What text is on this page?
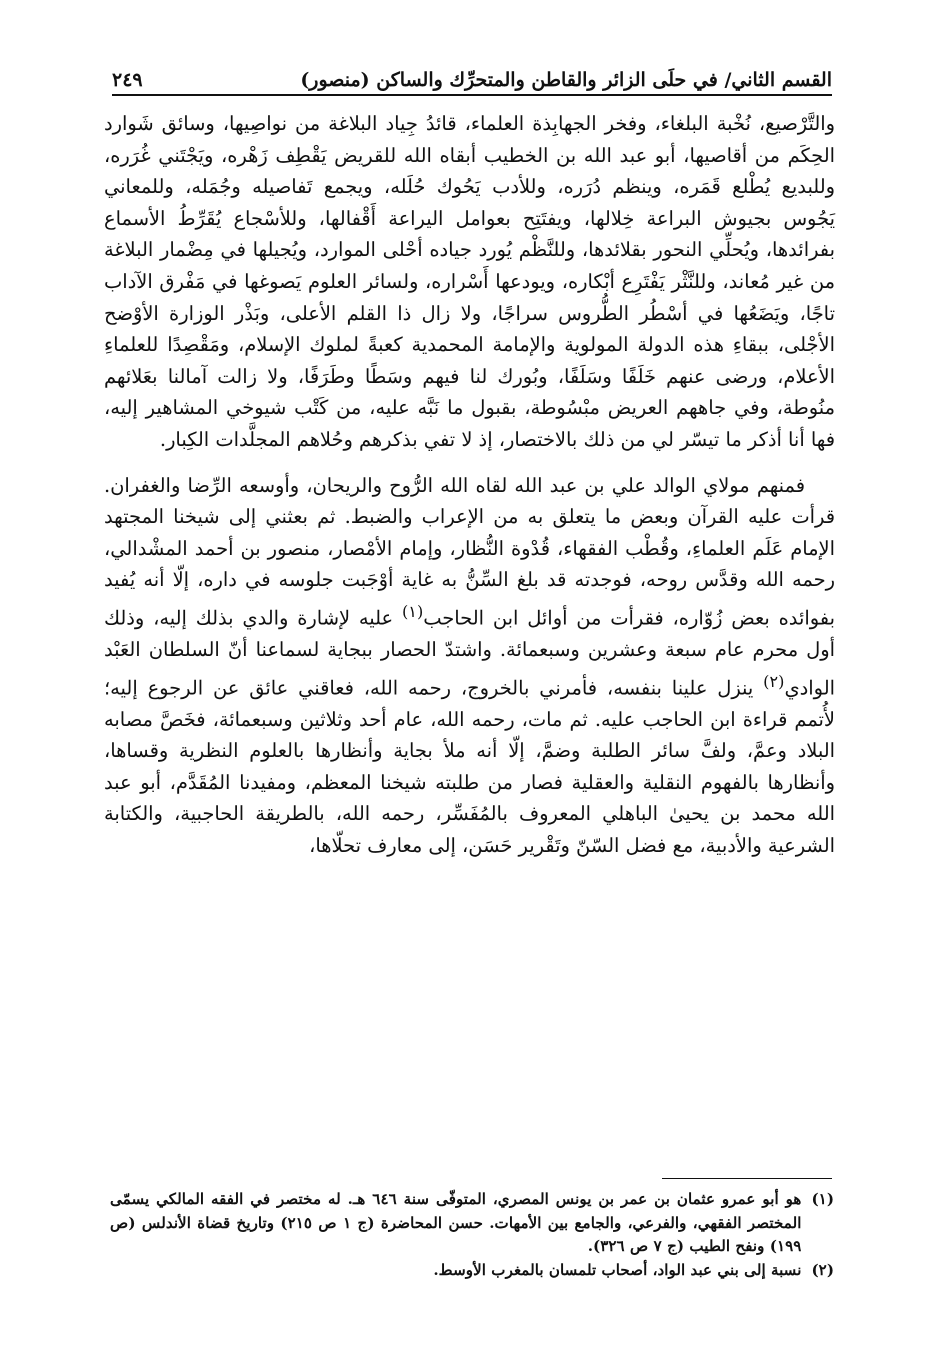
القسم الثاني/ في حلَى الزائر والقاطن والمتحرِّك والساكن (منصور)
٢٤٩

والتَّرْصيع، نُخْبة البلغاء، وفخر الجهابِذة العلماء، قائدُ جِياد البلاغة من نواصِيها، وسائق شَوارد الحِكَم من أقاصيها، أبو عبد الله بن الخطيب أبقاه الله للقريض يَقْطِف زَهْره، ويَجْتَني غُرَره، وللبديع يُطْلع قَمَره، وينظم دُرَره، وللأدب يَحُوك حُلَله، ويجمع تَفاصيله وجُمَله، وللمعاني يَجُوس بجيوش البراعة خِلالها، ويفتَتِح بعوامل اليراعة أَقْفالها، وللأسْجاع يُقَرِّطُ الأسماع بفرائدها، ويُحلِّي النحور بقلائدها، وللنَّظْم يُورد جياده أحْلى الموارد، ويُجيلها في مِضْمار البلاغة من غير مُعاند، وللنَّثْر يَفْتَرِع أبْكاره، ويودعها أَسْراره، ولسائر العلوم يَصوغها في مَفْرق الآداب تاجًا، ويَضَعُها في أسْطُر الطُّروس سراجًا، ولا زال ذا القلم الأعلى، وبَذْر الوزارة الأوْضح الأجْلى، ببقاءِ هذه الدولة المولوية والإمامة المحمدية كعبةً لملوك الإسلام، ومَقْصِدًا للعلماءِ الأعلام، ورضى عنهم خَلَفًا وسَلَفًا، وبُورك لنا فيهم وسَطًا وطَرَفًا، ولا زالت آمالنا بعَلائهم منُوطة، وفي جاههم العريض مبْسُوطة، بقبول ما نَبَّه عليه، من كَتْب شيوخي المشاهير إليه، فها أنا أذكر ما تيسّر لي من ذلك بالاختصار، إذ لا تفي بذكرهم وحُلاهم المجلَّدات الكِبار.

فمنهم مولاي الوالد علي بن عبد الله لقاه الله الرُّوح والريحان، وأوسعه الرِّضا والغفران. قرأت عليه القرآن وبعض ما يتعلق به من الإعراب والضبط. ثم بعثني إلى شيخنا المجتهد الإمام عَلَم العلماءِ، وقُطْب الفقهاء، قُدْوة النُّظار، وإمام الأمْصار، منصور بن أحمد المشْدالي، رحمه الله وقدَّس روحه، فوجدته قد بلغ السِّنُّ به غاية أوْجَبت جلوسه في داره، إلّا أنه يُفيد بفوائده بعض زُوّاره، فقرأت من أوائل ابن الحاجب$^{(١)}$ عليه لإشارة والدي بذلك إليه، وذلك أول محرم عام سبعة وعشرين وسبعمائة. واشتدّ الحصار ببجاية لسماعنا أنّ السلطان العَبْد الوادي$^{(٢)}$ ينزل علينا بنفسه، فأمرني بالخروج، رحمه الله، فعاقني عائق عن الرجوع إليه؛ لأُتمم قراءة ابن الحاجب عليه. ثم مات، رحمه الله، عام أحد وثلاثين وسبعمائة، فخَصَّ مصابه البلاد وعمَّ، ولفَّ سائر الطلبة وضمَّ، إلّا أنه ملأ بجاية وأنظارها بالعلوم النظرية وقساها، وأنظارها بالفهوم النقلية والعقلية فصار من طلبته شيخنا المعظم، ومفيدنا المُقَدَّم، أبو عبد الله محمد بن يحيىٰ الباهلي المعروف بالمُفَسِّر، رحمه الله، بالطريقة الحاجبية، والكتابة الشرعية والأدبية، مع فضل السّنّ وتَقْرير حَسَن، إلى معارف تحلّاها،

(١)
هو أبو عمرو عثمان بن عمر بن يونس المصري، المتوفّى سنة ٦٤٦ هـ. له مختصر في الفقه المالكي يسمّى المختصر الفقهي، والفرعي، والجامع بين الأمهات. حسن المحاضرة (ج ١ ص ٢١٥) وتاريخ قضاة الأندلس (ص ١٩٩) ونفح الطيب (ج ٧ ص ٣٢٦).
(٢)
نسبة إلى بني عبد الواد، أصحاب تلمسان بالمغرب الأوسط.
